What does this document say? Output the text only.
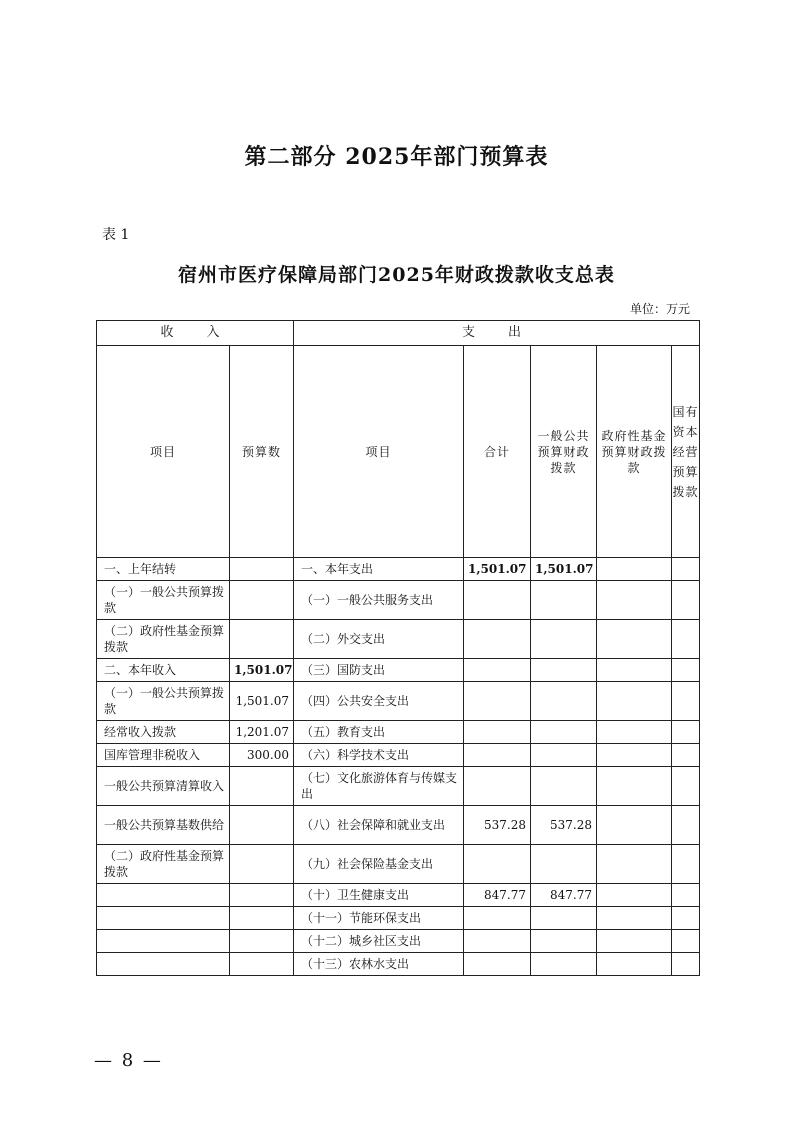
第二部分 2025年部门预算表
表 1
宿州市医疗保障局部门2025年财政拨款收支总表
单位：万元
收　入		支　出				
项目	预算数	项目	合计	一般公共预算财政拨款	政府性基金预算财政拨款	国有资本经营预算拨款
一、上年结转		一、本年支出	1,501.07	1,501.07		
（一）一般公共预算拨款		（一）一般公共服务支出				
（二）政府性基金预算拨款		（二）外交支出				
二、本年收入	1,501.07	（三）国防支出				
（一）一般公共预算拨款	1,501.07	（四）公共安全支出				
经常收入拨款	1,201.07	（五）教育支出				
国库管理非税收入	300.00	（六）科学技术支出				
一般公共预算清算收入		（七）文化旅游体育与传媒支出				
一般公共预算基数供给		（八）社会保障和就业支出	537.28	537.28		
（二）政府性基金预算拨款		（九）社会保险基金支出				
		（十）卫生健康支出	847.77	847.77		
		（十一）节能环保支出				
		（十二）城乡社区支出				
		（十三）农林水支出				
— 8 —
